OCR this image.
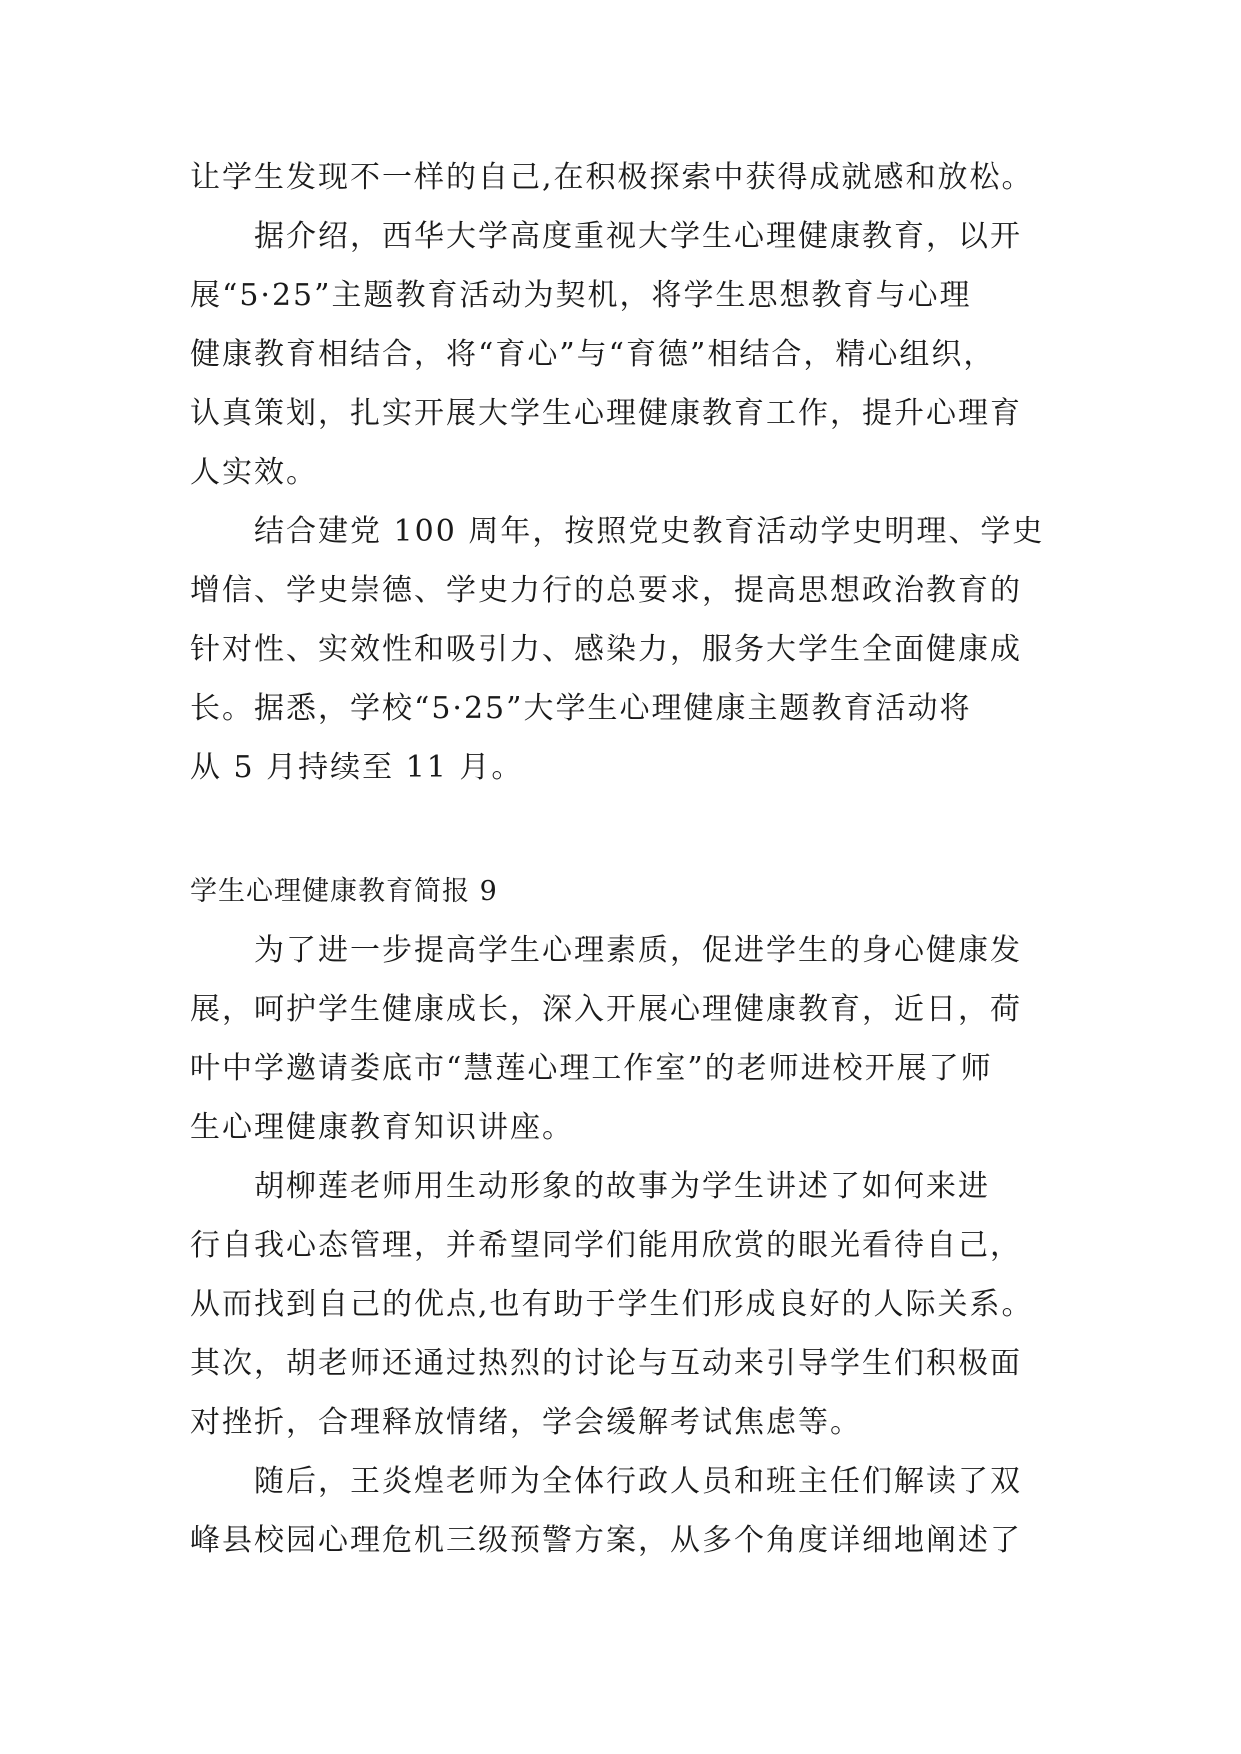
让学生发现不一样的自己,在积极探索中获得成就感和放松。
据介绍，西华大学高度重视大学生心理健康教育，以开
展“5·25”主题教育活动为契机，将学生思想教育与心理
健康教育相结合，将“育心”与“育德”相结合，精心组织，
认真策划，扎实开展大学生心理健康教育工作，提升心理育
人实效。
结合建党 100 周年，按照党史教育活动学史明理、学史
增信、学史崇德、学史力行的总要求，提高思想政治教育的
针对性、实效性和吸引力、感染力，服务大学生全面健康成
长。据悉，学校“5·25”大学生心理健康主题教育活动将
从 5 月持续至 11 月。
学生心理健康教育简报 9
为了进一步提高学生心理素质，促进学生的身心健康发
展，呵护学生健康成长，深入开展心理健康教育，近日，荷
叶中学邀请娄底市“慧莲心理工作室”的老师进校开展了师
生心理健康教育知识讲座。
胡柳莲老师用生动形象的故事为学生讲述了如何来进
行自我心态管理，并希望同学们能用欣赏的眼光看待自己，
从而找到自己的优点,也有助于学生们形成良好的人际关系。
其次，胡老师还通过热烈的讨论与互动来引导学生们积极面
对挫折，合理释放情绪，学会缓解考试焦虑等。
随后，王炎煌老师为全体行政人员和班主任们解读了双
峰县校园心理危机三级预警方案，从多个角度详细地阐述了
